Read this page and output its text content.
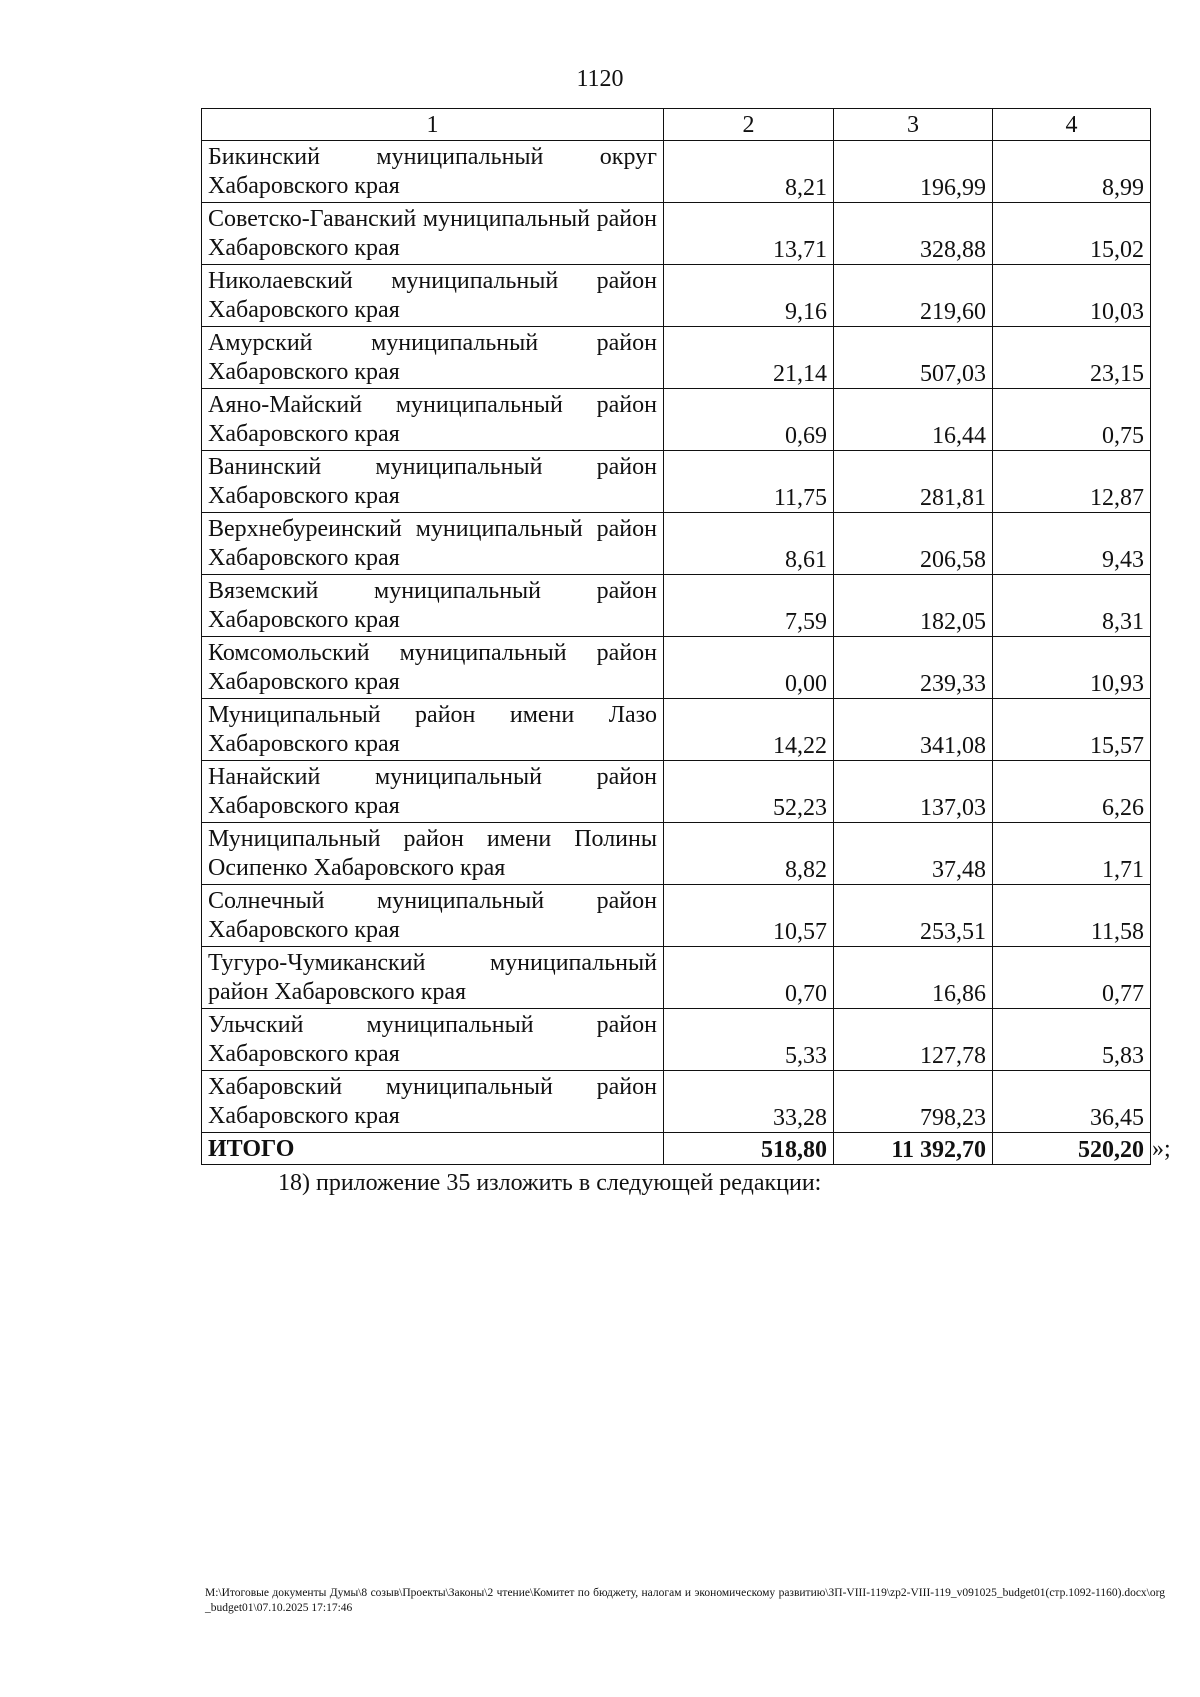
1120
1	2	3	4
Бикинский муниципальный округ Хабаровского края	8,21	196,99	8,99
Советско-Гаванский муниципальный район Хабаровского края	13,71	328,88	15,02
Николаевский муниципальный район Хабаровского края	9,16	219,60	10,03
Амурский муниципальный район Хабаровского края	21,14	507,03	23,15
Аяно-Майский муниципальный район Хабаровского края	0,69	16,44	0,75
Ванинский муниципальный район Хабаровского края	11,75	281,81	12,87
Верхнебуреинский муниципальный район Хабаровского края	8,61	206,58	9,43
Вяземский муниципальный район Хабаровского края	7,59	182,05	8,31
Комсомольский муниципальный район Хабаровского края	0,00	239,33	10,93
Муниципальный район имени Лазо Хабаровского края	14,22	341,08	15,57
Нанайский муниципальный район Хабаровского края	52,23	137,03	6,26
Муниципальный район имени Полины Осипенко Хабаровского края	8,82	37,48	1,71
Солнечный муниципальный район Хабаровского края	10,57	253,51	11,58
Тугуро-Чумиканский муниципальный район Хабаровского края	0,70	16,86	0,77
Ульчский муниципальный район Хабаровского края	5,33	127,78	5,83
Хабаровский муниципальный район Хабаровского края	33,28	798,23	36,45
ИТОГО	518,80	11 392,70	520,20 »;
18) приложение 35 изложить в следующей редакции:
M:\Итоговые документы Думы\8 созыв\Проекты\Законы\2 чтение\Комитет по бюджету, налогам и экономическому развитию\ЗП-VIII-119\zp2-VIII-119_v091025_budget01(стр.1092-1160).docx\org_budget01\07.10.2025 17:17:46
